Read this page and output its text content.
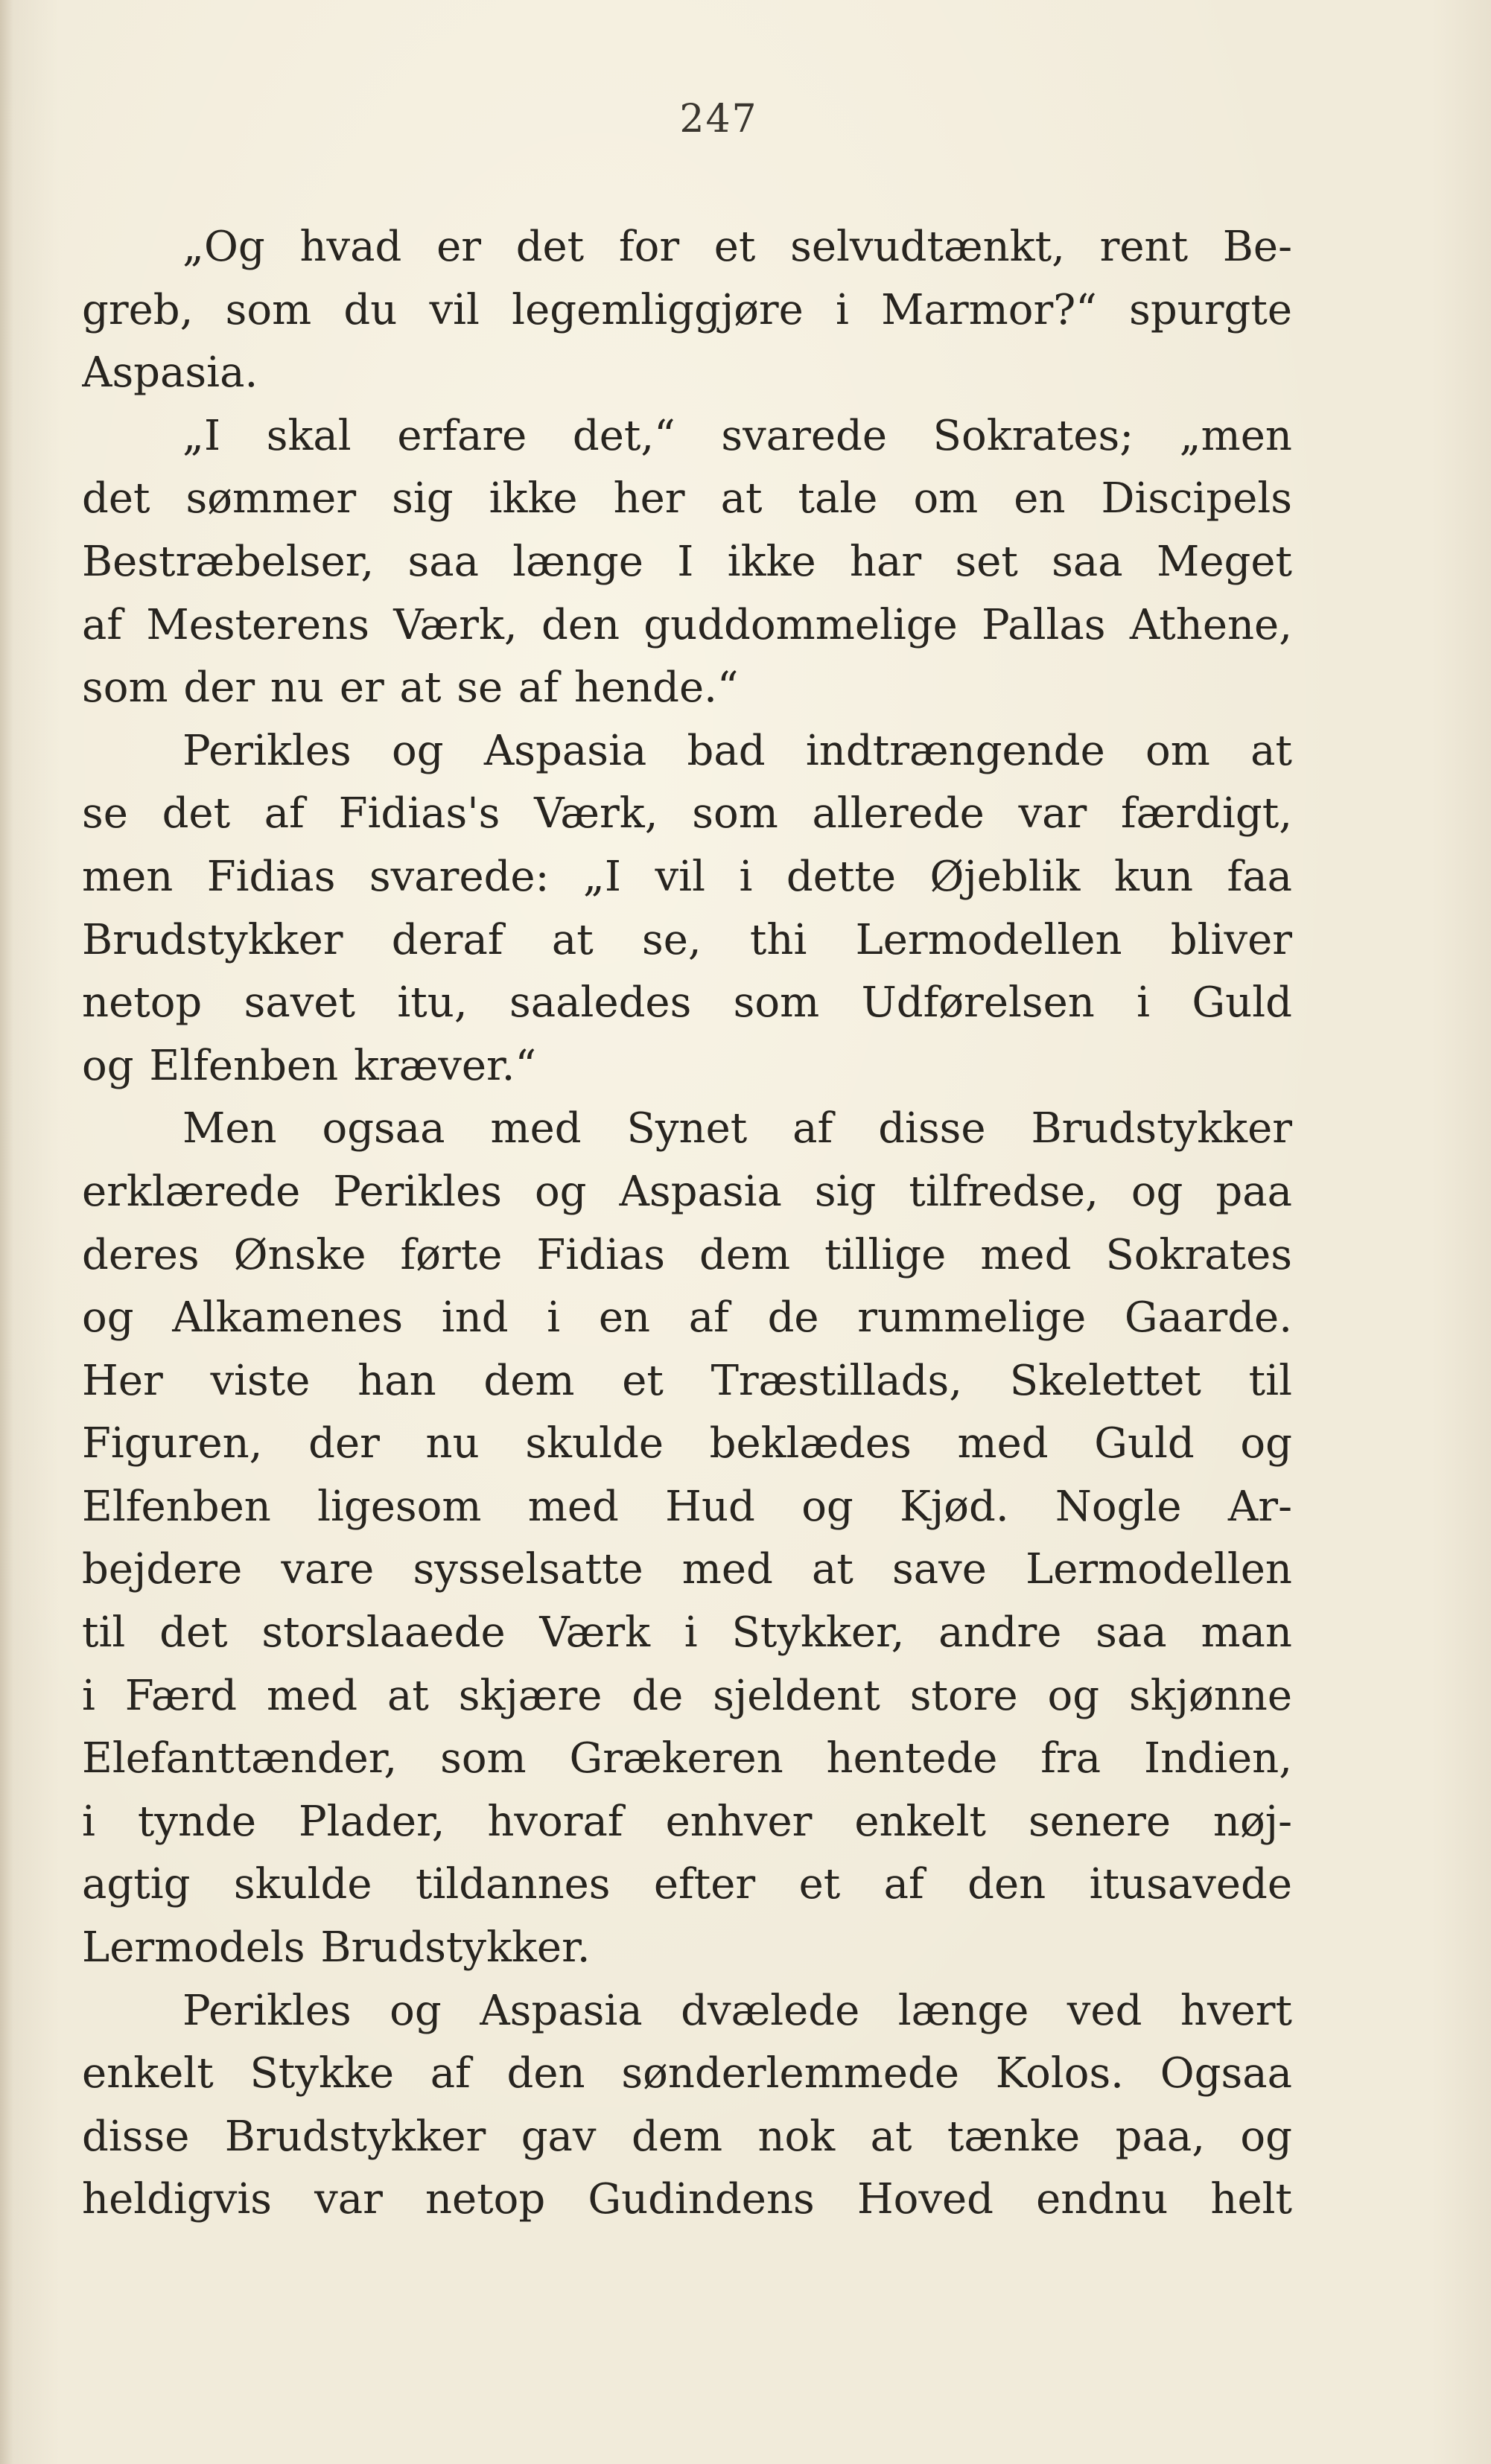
247
„Og hvad er det for et selvudtænkt, rent Be-
greb, som du vil legemliggjøre i Marmor?“ spurgte
Aspasia.
„I skal erfare det,“ svarede Sokrates; „men
det sømmer sig ikke her at tale om en Discipels
Bestræbelser, saa længe I ikke har set saa Meget
af Mesterens Værk, den guddommelige Pallas Athene,
som der nu er at se af hende.“
Perikles og Aspasia bad indtrængende om at
se det af Fidias's Værk, som allerede var færdigt,
men Fidias svarede: „I vil i dette Øjeblik kun faa
Brudstykker deraf at se, thi Lermodellen bliver
netop savet itu, saaledes som Udførelsen i Guld
og Elfenben kræver.“
Men ogsaa med Synet af disse Brudstykker
erklærede Perikles og Aspasia sig tilfredse, og paa
deres Ønske førte Fidias dem tillige med Sokrates
og Alkamenes ind i en af de rummelige Gaarde.
Her viste han dem et Træstillads, Skelettet til
Figuren, der nu skulde beklædes med Guld og
Elfenben ligesom med Hud og Kjød. Nogle Ar-
bejdere vare sysselsatte med at save Lermodellen
til det storslaaede Værk i Stykker, andre saa man
i Færd med at skjære de sjeldent store og skjønne
Elefanttænder, som Grækeren hentede fra Indien,
i tynde Plader, hvoraf enhver enkelt senere nøj-
agtig skulde tildannes efter et af den itusavede
Lermodels Brudstykker.
Perikles og Aspasia dvælede længe ved hvert
enkelt Stykke af den sønderlemmede Kolos. Ogsaa
disse Brudstykker gav dem nok at tænke paa, og
heldigvis var netop Gudindens Hoved endnu helt
